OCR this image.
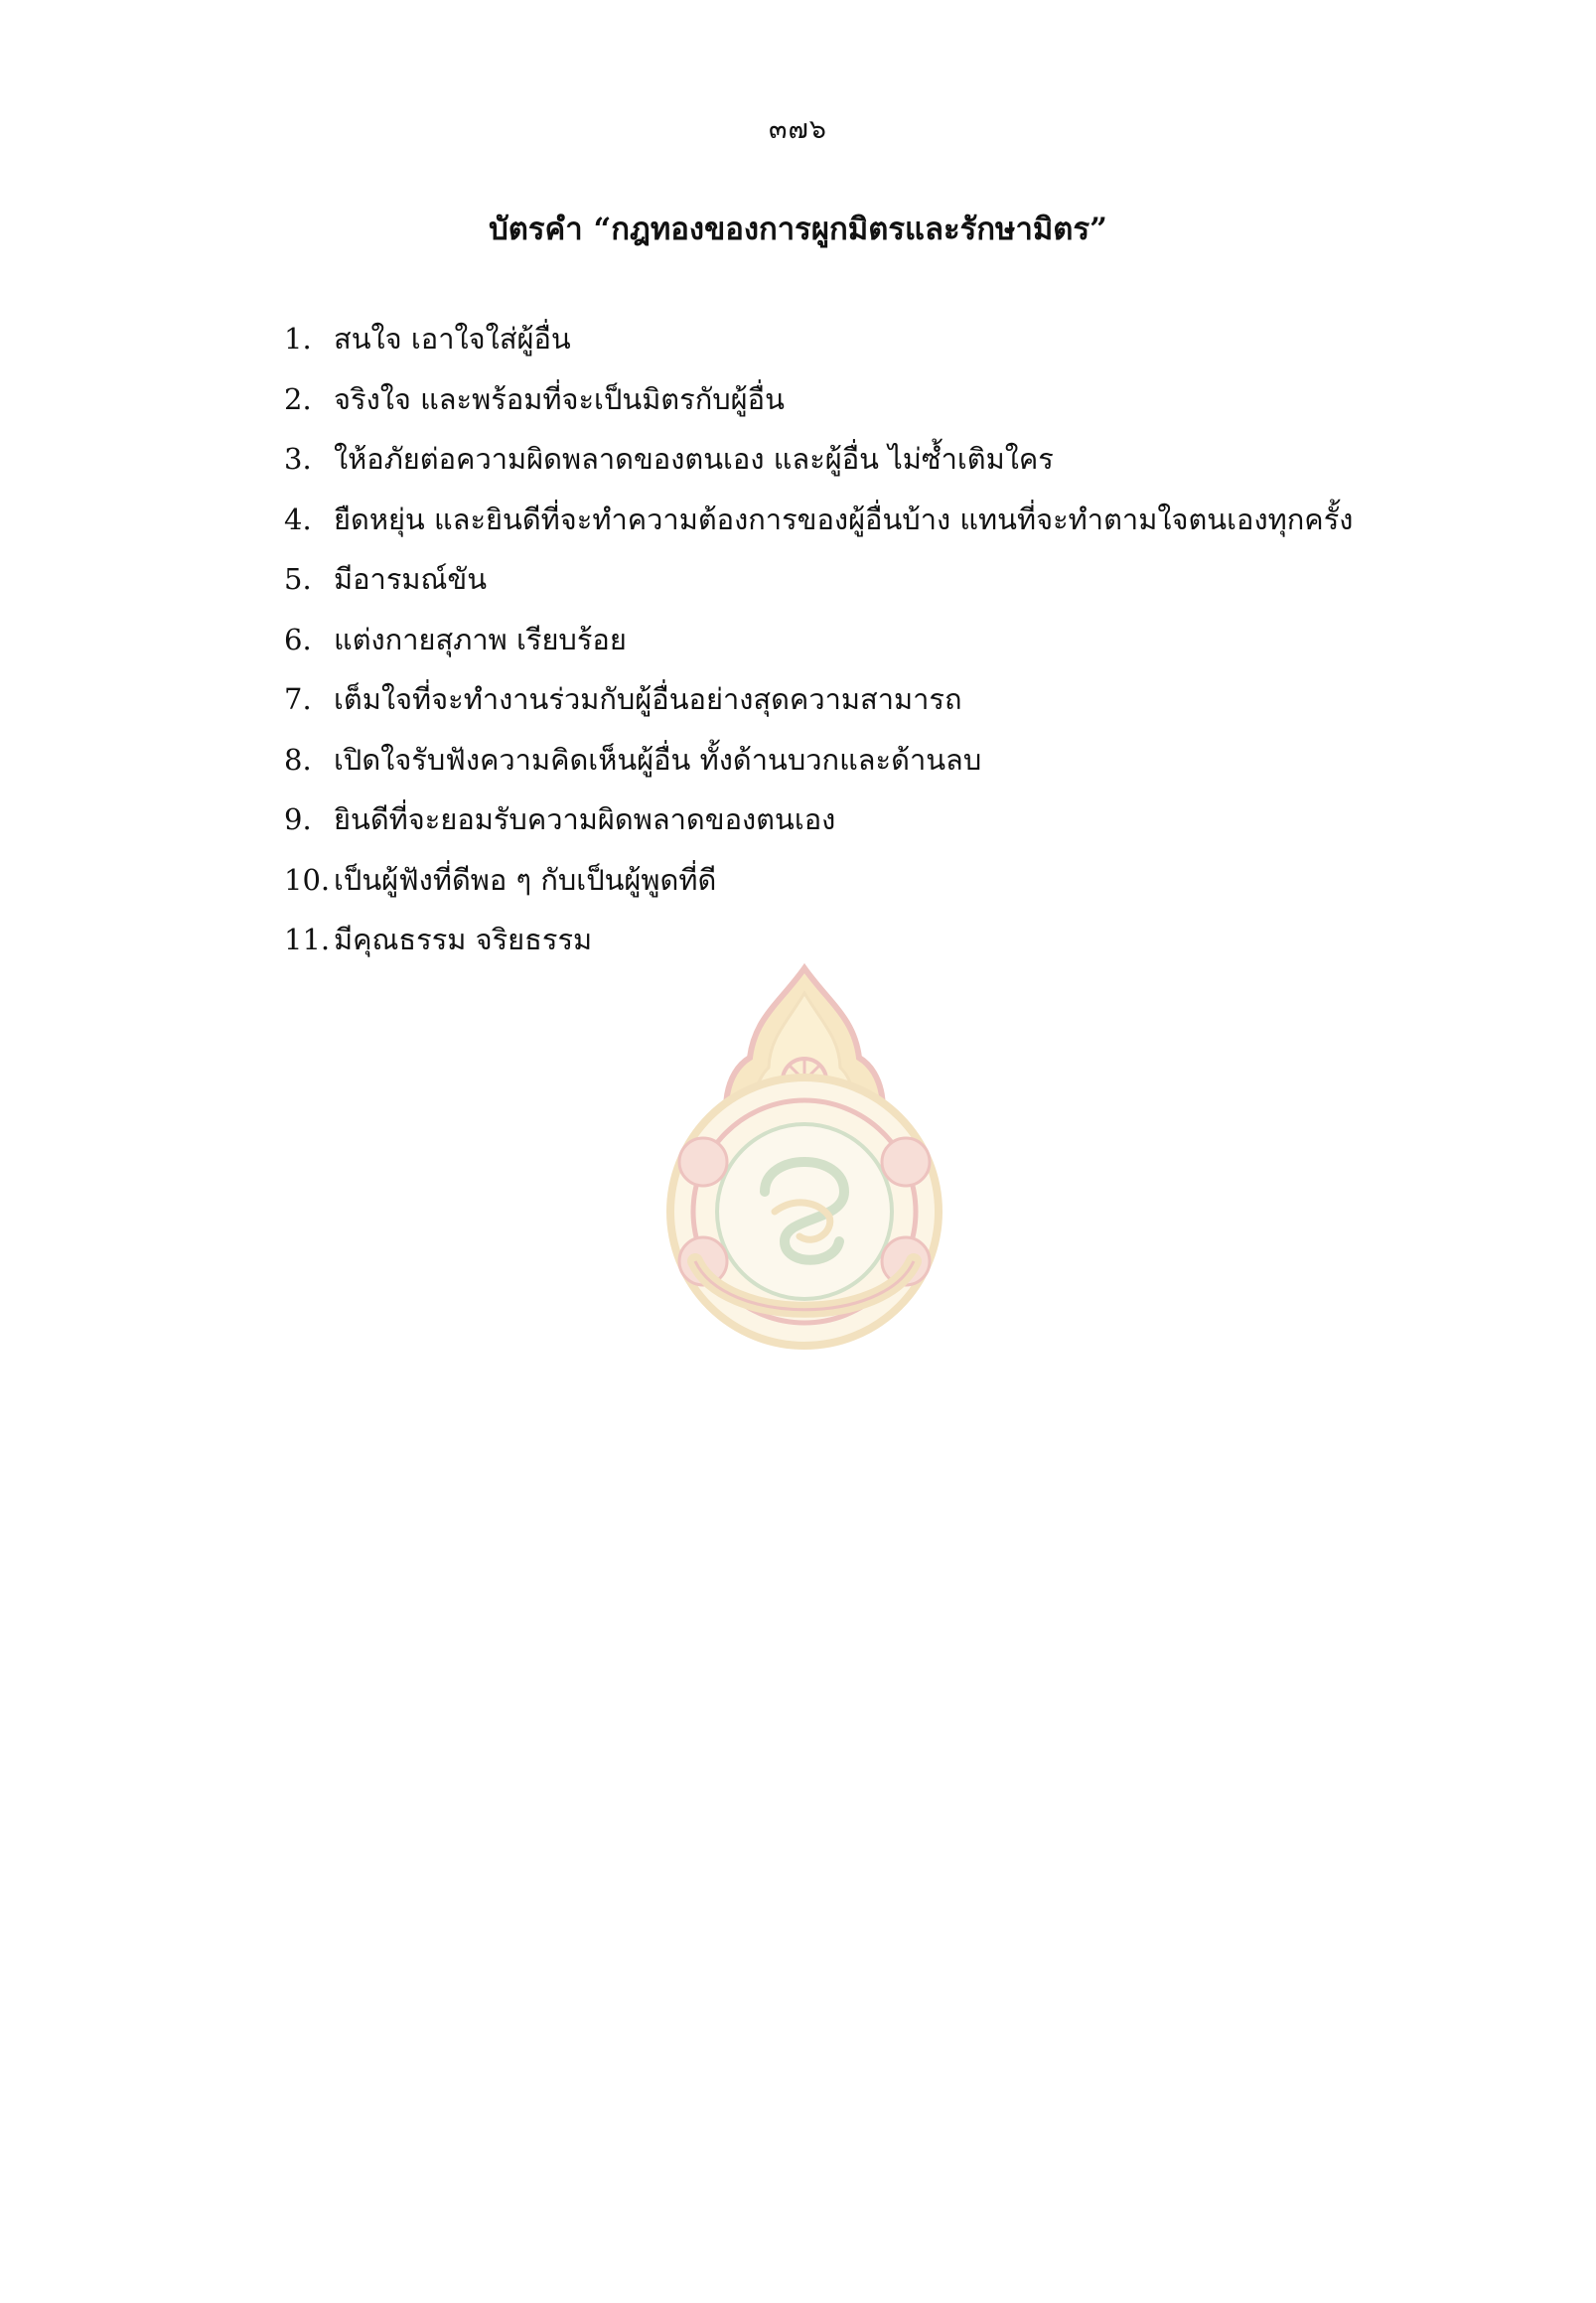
๓๗๖
บัตรคำ “กฎทองของการผูกมิตรและรักษามิตร”
1. สนใจ เอาใจใส่ผู้อื่น
2. จริงใจ และพร้อมที่จะเป็นมิตรกับผู้อื่น
3. ให้อภัยต่อความผิดพลาดของตนเอง และผู้อื่น ไม่ซ้ำเติมใคร
4. ยืดหยุ่น และยินดีที่จะทำความต้องการของผู้อื่นบ้าง แทนที่จะทำตามใจตนเองทุกครั้ง
5. มีอารมณ์ขัน
6. แต่งกายสุภาพ เรียบร้อย
7. เต็มใจที่จะทำงานร่วมกับผู้อื่นอย่างสุดความสามารถ
8. เปิดใจรับฟังความคิดเห็นผู้อื่น ทั้งด้านบวกและด้านลบ
9. ยินดีที่จะยอมรับความผิดพลาดของตนเอง
10. เป็นผู้ฟังที่ดีพอ ๆ กับเป็นผู้พูดที่ดี
11. มีคุณธรรม จริยธรรม
